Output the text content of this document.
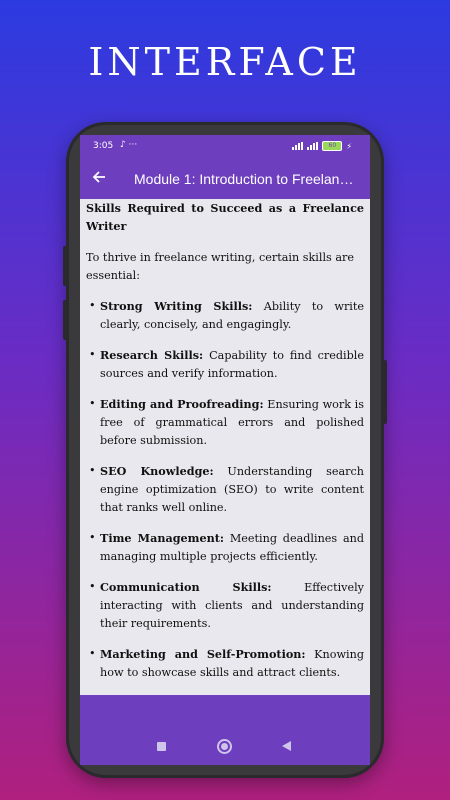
INTERFACE
3:05 ♪ ···	60	⚡
Module 1: Introduction to Freelan…

Skills Required to Succeed as a Freelance Writer

To thrive in freelance writing, certain skills are essential:

• Strong Writing Skills: Ability to write clearly, concisely, and engagingly.
• Research Skills: Capability to find credible sources and verify information.
• Editing and Proofreading: Ensuring work is free of grammatical errors and polished before submission.
• SEO Knowledge: Understanding search engine optimization (SEO) to write content that ranks well online.
• Time Management: Meeting deadlines and managing multiple projects efficiently.
• Communication Skills: Effectively interacting with clients and understanding their requirements.
• Marketing and Self-Promotion: Knowing how to showcase skills and attract clients.
